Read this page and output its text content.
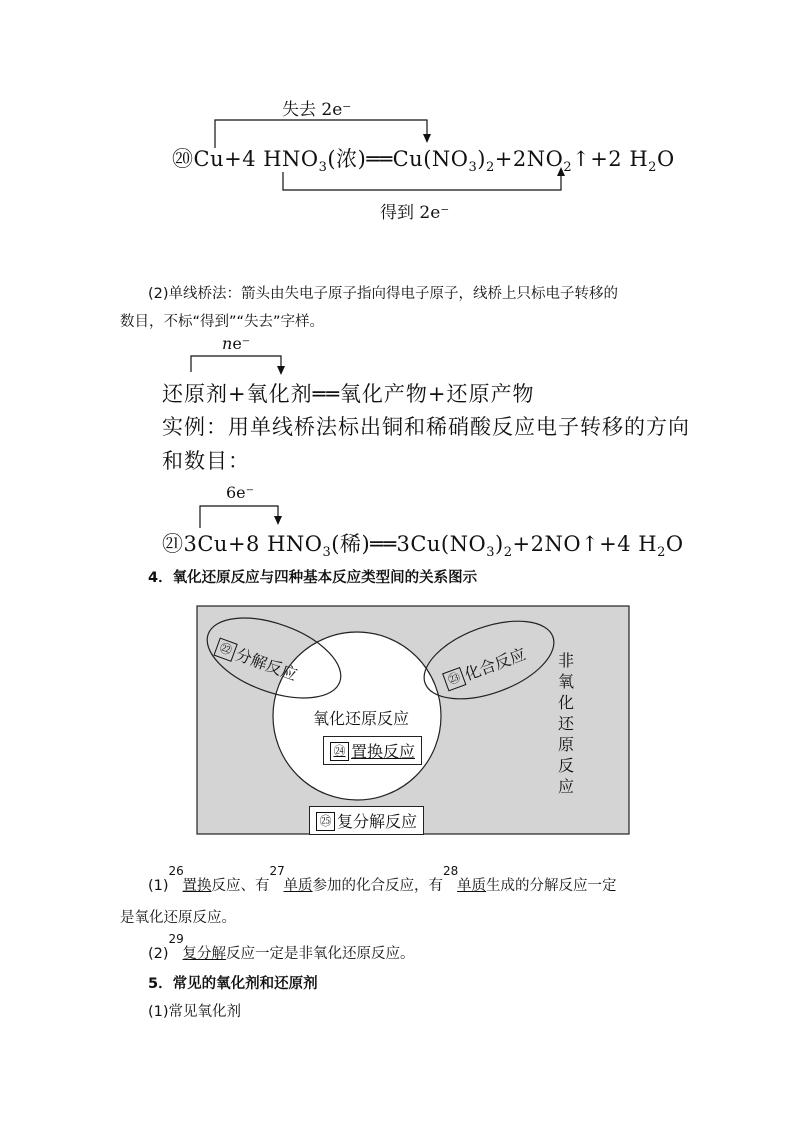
失去 2e⁻
⑳Cu+4 $HNO_3$(浓)$══Cu(NO_3)_2+2NO_2↑+2$ $H_2O$
得到 2e⁻
(2)单线桥法：箭头由失电子原子指向得电子原子，线桥上只标电子转移的
数目，不标“得到”“失去”字样。
ne⁻
还原剂+氧化剂══氧化产物+还原产物
实例：用单线桥法标出铜和稀硝酸反应电子转移的方向
和数目：
6e⁻
㉑3Cu+8 $HNO_3$(稀)$══3Cu(NO_3)_2+2NO↑+4$ $H_2O$
4．氧化还原反应与四种基本反应类型间的关系图示
㉒分解反应	㉓化合反应
氧化还原反应
㉔ 置换反应
㉕ 复分解反应
非氧化还原反应
(1)
26
置换反应、有
27
单质参加的化合反应，有
28
单质生成的分解反应一定
是氧化还原反应。
(2)
29
复分解反应一定是非氧化还原反应。
5．常见的氧化剂和还原剂
(1)常见氧化剂
